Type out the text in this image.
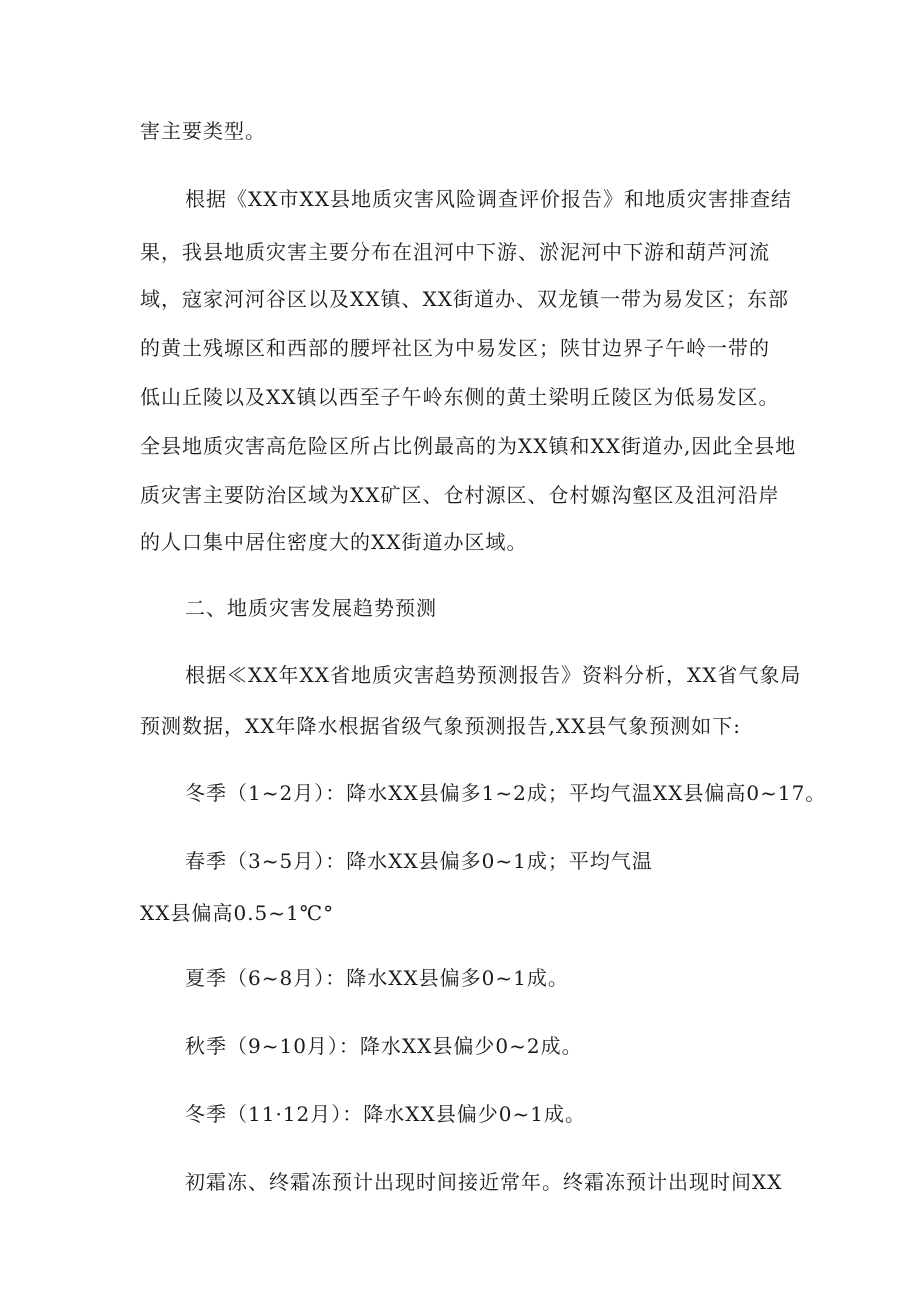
害主要类型。
根据《XX市XX县地质灾害风险调查评价报告》和地质灾害排查结
果，我县地质灾害主要分布在沮河中下游、淤泥河中下游和葫芦河流
域，寇家河河谷区以及XX镇、XX街道办、双龙镇一带为易发区；东部
的黄土残塬区和西部的腰坪社区为中易发区；陕甘边界子午岭一带的
低山丘陵以及XX镇以西至子午岭东侧的黄土梁明丘陵区为低易发区。
全县地质灾害高危险区所占比例最高的为XX镇和XX街道办,因此全县地
质灾害主要防治区域为XX矿区、仓村源区、仓村嫄沟壑区及沮河沿岸
的人口集中居住密度大的XX街道办区域。
二、地质灾害发展趋势预测
根据≪XX年XX省地质灾害趋势预测报告》资料分析，XX省气象局
预测数据，XX年降水根据省级气象预测报告,XX县气象预测如下:
冬季（1~2月）：降水XX县偏多1~2成；平均气温XX县偏高0~17。
春季（3~5月）：降水XX县偏多0~1成；平均气温
XX县偏高0.5~1℃°
夏季（6~8月）：降水XX县偏多0~1成。
秋季（9~10月）：降水XX县偏少0~2成。
冬季（11·12月）：降水XX县偏少0~1成。
初霜冻、终霜冻预计出现时间接近常年。终霜冻预计出现时间XX
